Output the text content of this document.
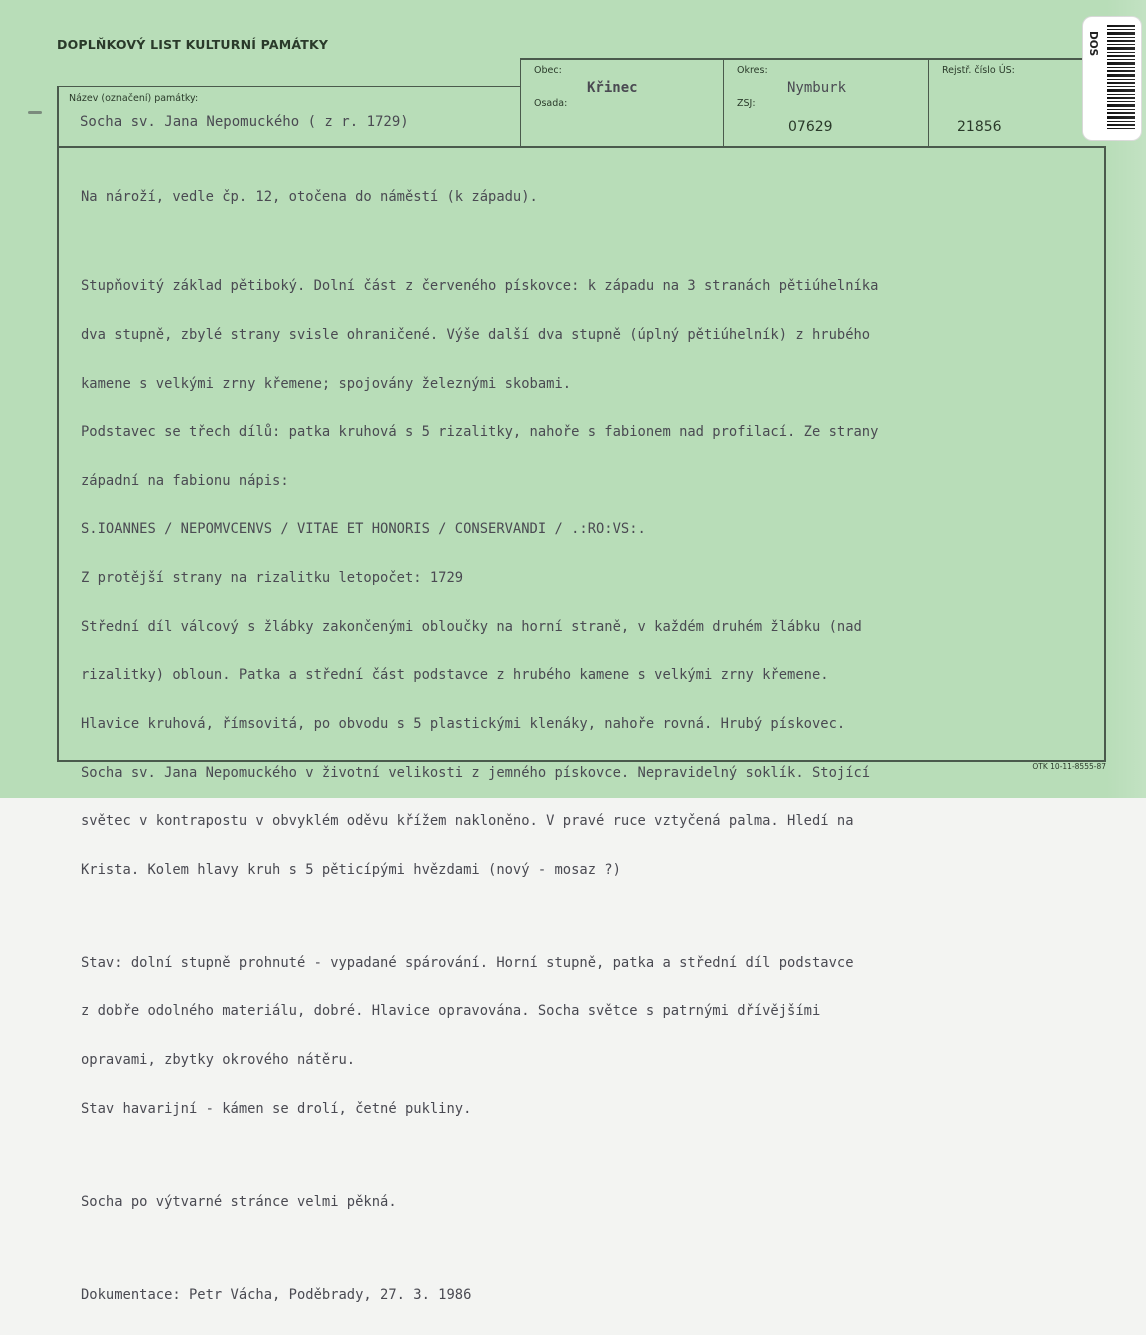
DOPLŇKOVÝ LIST KULTURNÍ PAMÁTKY
Název (označení) památky:
Socha sv. Jana Nepomuckého ( z r. 1729)
Obec:
Křinec
Osada:
Okres:
Nymburk
ZSJ:
07629
Rejstř. číslo ÚS:
21856

Na nároží, vedle čp. 12, otočena do náměstí (k západu).

Stupňovitý základ pětiboký. Dolní část z červeného pískovce: k západu na 3 stranách pětiúhelníka

dva stupně, zbylé strany svisle ohraničené. Výše další dva stupně (úplný pětiúhelník) z hrubého

kamene s velkými zrny křemene; spojovány železnými skobami.

Podstavec se třech dílů: patka kruhová s 5 rizalitky, nahoře s fabionem nad profilací. Ze strany

západní na fabionu nápis:

S.IOANNES / NEPOMVCENVS / VITAE ET HONORIS / CONSERVANDI / .:RO:VS:.

Z protější strany na rizalitku letopočet: 1729

Střední díl válcový s žlábky zakončenými obloučky na horní straně, v každém druhém žlábku (nad

rizalitky) obloun. Patka a střední část podstavce z hrubého kamene s velkými zrny křemene.

Hlavice kruhová, římsovitá, po obvodu s 5 plastickými klenáky, nahoře rovná. Hrubý pískovec.

Socha sv. Jana Nepomuckého v životní velikosti z jemného pískovce. Nepravidelný soklík. Stojící

světec v kontrapostu v obvyklém oděvu křížem nakloněno. V pravé ruce vztyčená palma. Hledí na

Krista. Kolem hlavy kruh s 5 pěticípými hvězdami (nový - mosaz ?)

Stav: dolní stupně prohnuté - vypadané spárování. Horní stupně, patka a střední díl podstavce

z dobře odolného materiálu, dobré. Hlavice opravována. Socha světce s patrnými dřívějšími

opravami, zbytky okrového nátěru.

Stav havarijní - kámen se drolí, četné pukliny.

Socha po výtvarné stránce velmi pěkná.

Dokumentace: Petr Vácha, Poděbrady, 27. 3. 1986

OTK 10-11-8555-87
DOS
